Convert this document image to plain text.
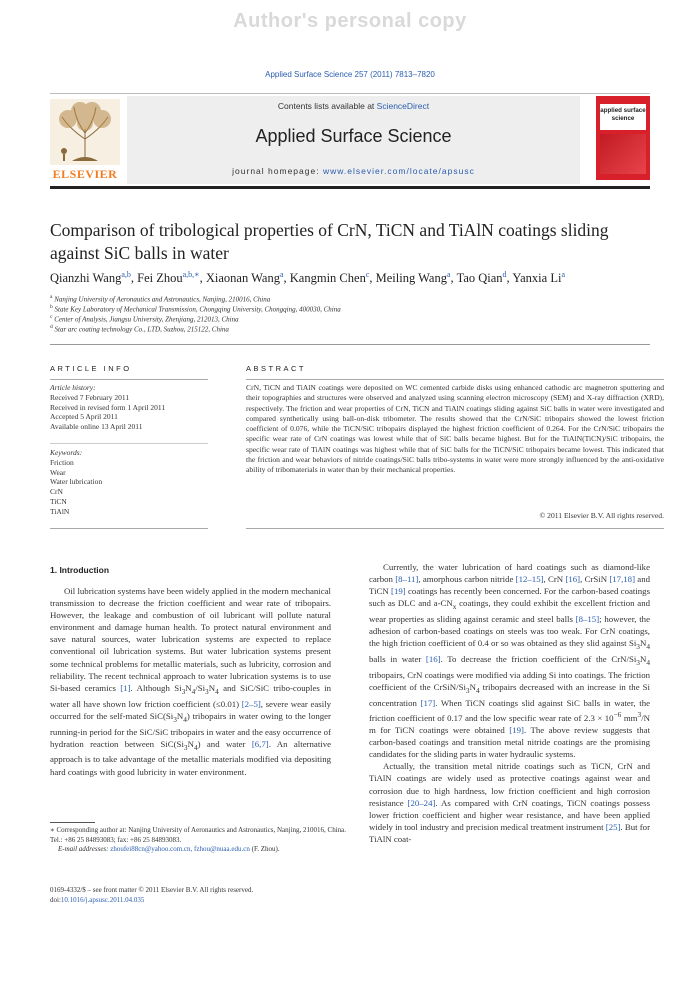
Author's personal copy
Applied Surface Science 257 (2011) 7813–7820
ELSEVIER
Contents lists available at ScienceDirect
Applied Surface Science
journal homepage: www.elsevier.com/locate/apsusc
applied surface science
Comparison of tribological properties of CrN, TiCN and TiAlN coatings sliding against SiC balls in water
Qianzhi Wang$^{a,b}$, Fei Zhou$^{a,b,∗}$, Xiaonan Wang$^a$, Kangmin Chen$^c$, Meiling Wang$^a$, Tao Qian$^d$, Yanxia Li$^a$
$^a$ Nanjing University of Aeronautics and Astronautics, Nanjing, 210016, China
$^b$ State Key Laboratory of Mechanical Transmission, Chongqing University, Chongqing, 400030, China
$^c$ Center of Analysis, Jiangsu University, Zhenjiang, 212013, China
$^d$ Star arc coating technology Co., LTD, Suzhou, 215122, China
ARTICLE INFO
Article history:
Received 7 February 2011
Received in revised form 1 April 2011
Accepted 5 April 2011
Available online 13 April 2011
Keywords:
Friction
Wear
Water lubrication
CrN
TiCN
TiAlN
ABSTRACT
CrN, TiCN and TiAlN coatings were deposited on WC cemented carbide disks using enhanced cathodic arc magnetron sputtering and their topographies and structures were observed and analyzed using scanning electron microscopy (SEM) and X-ray diffraction (XRD), respectively. The friction and wear properties of CrN, TiCN and TiAlN coatings sliding against SiC balls in water were investigated and compared synthetically using ball-on-disk tribometer. The results showed that the CrN/SiC tribopairs showed the lowest friction coefficient of 0.076, while the TiCN/SiC tribopairs displayed the highest friction coefficient of 0.264. For the CrN/SiC tribopairs the specific wear rate of CrN coatings was lowest while that of SiC balls became highest. But for the TiAlN(TiCN)/SiC tribopairs, the specific wear rate of TiAlN coatings was highest while that of SiC balls for the TiCN/SiC tribopairs became lowest. This indicated that the friction and wear behaviors of nitride coatings/SiC balls tribo-systems in water were more strongly influenced by the anti-oxidative ability of tribomaterials in water than by their mechanical properties.
© 2011 Elsevier B.V. All rights reserved.
1. Introduction

Oil lubrication systems have been widely applied in the modern mechanical transmission to decrease the friction coefficient and wear rate of tribopairs. However, the leakage and combustion of oil lubricant will pollute natural environment and damage human health. To protect natural environment and save natural sources, water lubrication systems are expected to replace conventional oil lubrication systems. But water lubrication systems present some technical problems for metallic materials, such as lubricity, corrosion and reliability. The recent technical approach to water lubrication systems is to use Si-based ceramics [1]. Although $Si_3N_4/Si_3N_4$ and SiC/SiC tribo-couples in water all have shown low friction coefficient (≤0.01) [2–5], severe wear easily occurred for the self-mated $SiC(Si_3N_4)$ tribopairs in water owing to the longer running-in period for the SiC/SiC tribopairs in water and the easy occurrence of hydration reaction between $SiC(Si_3N_4)$ and water [6,7]. An alternative approach is to take advantage of the metallic materials modified via depositing hard coatings with good lubricity in water environment.

Currently, the water lubrication of hard coatings such as diamond-like carbon [8–11], amorphous carbon nitride [12–15], CrN [16], CrSiN [17,18] and TiCN [19] coatings has recently been concerned. For the carbon-based coatings such as DLC and $a-CN_x$ coatings, they could exhibit the excellent friction and wear properties as sliding against ceramic and steel balls [8–15]; however, the adhesion of carbon-based coatings on steels was too weak. For CrN coatings, the high friction coefficient of 0.4 or so was obtained as they slid against $Si_3N_4$ balls in water [16]. To decrease the friction coefficient of the CrN/$Si_3N_4$ tribopairs, CrN coatings were modified via adding Si into coatings. The friction coefficient of the CrSiN/$Si_3N_4$ tribopairs decreased with an increase in the Si concentration [17]. When TiCN coatings slid against SiC balls in water, the friction coefficient of 0.17 and the low specific wear rate of $2.3 \times 10^{-6}$ $mm^3/N$ m for TiCN coatings were obtained [19]. The above review suggests that carbon-based coatings and transition metal nitride coatings are the promising candidates for the sliding parts in water hydraulic systems.

Actually, the transition metal nitride coatings such as TiCN, CrN and TiAlN coatings are widely used as protective coatings against wear and corrosion due to high hardness, low friction coefficient and high corrosion resistance [20–24]. As compared with CrN coatings, TiCN coatings possess lower friction coefficient and higher wear resistance, and have been applied widely in tool industry and precision medical treatment instrument [25]. But for TiAlN coat-

∗ Corresponding author at: Nanjing University of Aeronautics and Astronautics, Nanjing, 210016, China. Tel.: +86 25 84893083; fax: +86 25 84893083.
E-mail addresses: zhoufei88cn@yahoo.com.cn, fzhou@nuaa.edu.cn (F. Zhou).
0169-4332/$ – see front matter © 2011 Elsevier B.V. All rights reserved.
doi:10.1016/j.apsusc.2011.04.035
